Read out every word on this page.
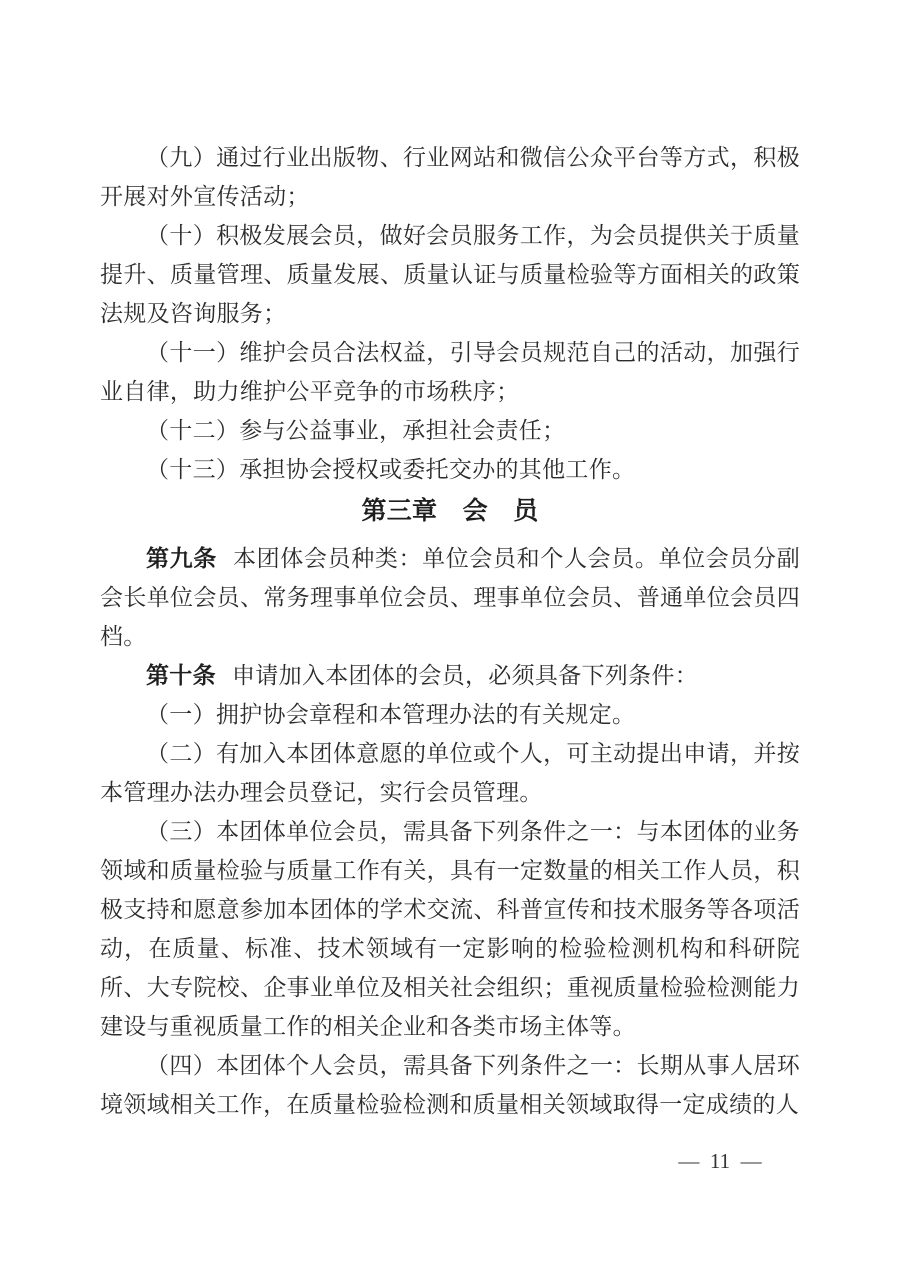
（九）通过行业出版物、行业网站和微信公众平台等方式，积极开展对外宣传活动；

（十）积极发展会员，做好会员服务工作，为会员提供关于质量提升、质量管理、质量发展、质量认证与质量检验等方面相关的政策法规及咨询服务；

（十一）维护会员合法权益，引导会员规范自己的活动，加强行业自律，助力维护公平竞争的市场秩序；

（十二）参与公益事业，承担社会责任；

（十三）承担协会授权或委托交办的其他工作。

第三章　会　员

第九条 本团体会员种类：单位会员和个人会员。单位会员分副会长单位会员、常务理事单位会员、理事单位会员、普通单位会员四档。

第十条 申请加入本团体的会员，必须具备下列条件：

（一）拥护协会章程和本管理办法的有关规定。

（二）有加入本团体意愿的单位或个人，可主动提出申请，并按本管理办法办理会员登记，实行会员管理。

（三）本团体单位会员，需具备下列条件之一：与本团体的业务领域和质量检验与质量工作有关，具有一定数量的相关工作人员，积极支持和愿意参加本团体的学术交流、科普宣传和技术服务等各项活动，在质量、标准、技术领域有一定影响的检验检测机构和科研院所、大专院校、企事业单位及相关社会组织；重视质量检验检测能力建设与重视质量工作的相关企业和各类市场主体等。

（四）本团体个人会员，需具备下列条件之一：长期从事人居环境领域相关工作，在质量检验检测和质量相关领域取得一定成绩的人

—  11  —
